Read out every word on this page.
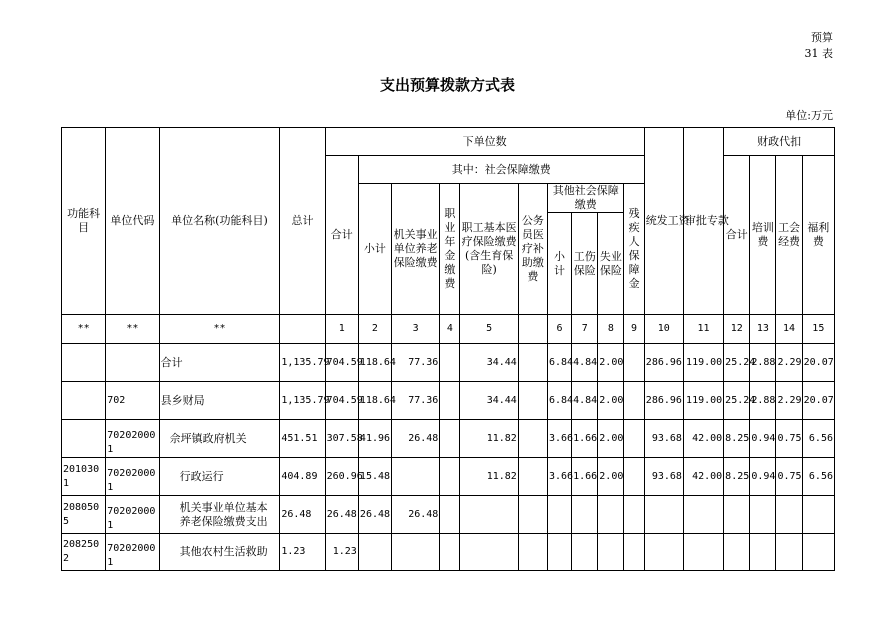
预算
31 表
支出预算拨款方式表
单位:万元
功能科目	单位代码	单位名称(功能科目)	总计	下单位数										统发工资	审批专款	财政代扣			
				合计	其中：社会保障缴费											合计	培训费	工会经费	福利费
					小计	机关事业单位养老保险缴费	职业年金缴费	职工基本医疗保险缴费(含生育保险)	公务员医疗补助缴费	其他社会保障缴费			残疾人保障金						
										小计	工伤保险	失业保险							

**	**	**		1	2	3	4	5		6	7	8	9	10	11	12	13	14	15
		合计	1,135.79	704.59	118.64	77.36		34.44		6.84	4.84	2.00		286.96	119.00	25.24	2.88	2.29	20.07
	702	县乡财局	1,135.79	704.59	118.64	77.36		34.44		6.84	4.84	2.00		286.96	119.00	25.24	2.88	2.29	20.07
	702020001	佘坪镇政府机关	451.51	307.58	41.96	26.48		11.82		3.66	1.66	2.00		93.68	42.00	8.25	0.94	0.75	6.56
2010301	702020001	行政运行	404.89	260.96	15.48			11.82		3.66	1.66	2.00		93.68	42.00	8.25	0.94	0.75	6.56
2080505	702020001	机关事业单位基本养老保险缴费支出	26.48	26.48	26.48	26.48													
2082502	702020001	其他农村生活救助	1.23	1.23															
